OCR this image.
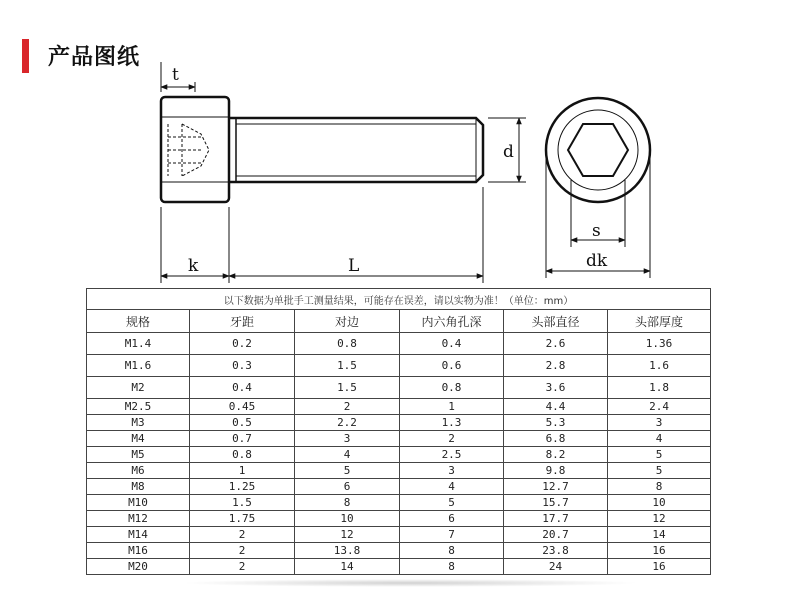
产品图纸
t
d
k	L
s
dk
以下数据为单批手工测量结果，可能存在误差，请以实物为准！（单位：mm）					
规格	牙距	对边	内六角孔深	头部直径	头部厚度
M1.4	0.2	0.8	0.4	2.6	1.36
M1.6	0.3	1.5	0.6	2.8	1.6
M2	0.4	1.5	0.8	3.6	1.8
M2.5	0.45	2	1	4.4	2.4
M3	0.5	2.2	1.3	5.3	3
M4	0.7	3	2	6.8	4
M5	0.8	4	2.5	8.2	5
M6	1	5	3	9.8	5
M8	1.25	6	4	12.7	8
M10	1.5	8	5	15.7	10
M12	1.75	10	6	17.7	12
M14	2	12	7	20.7	14
M16	2	13.8	8	23.8	16
M20	2	14	8	24	16
